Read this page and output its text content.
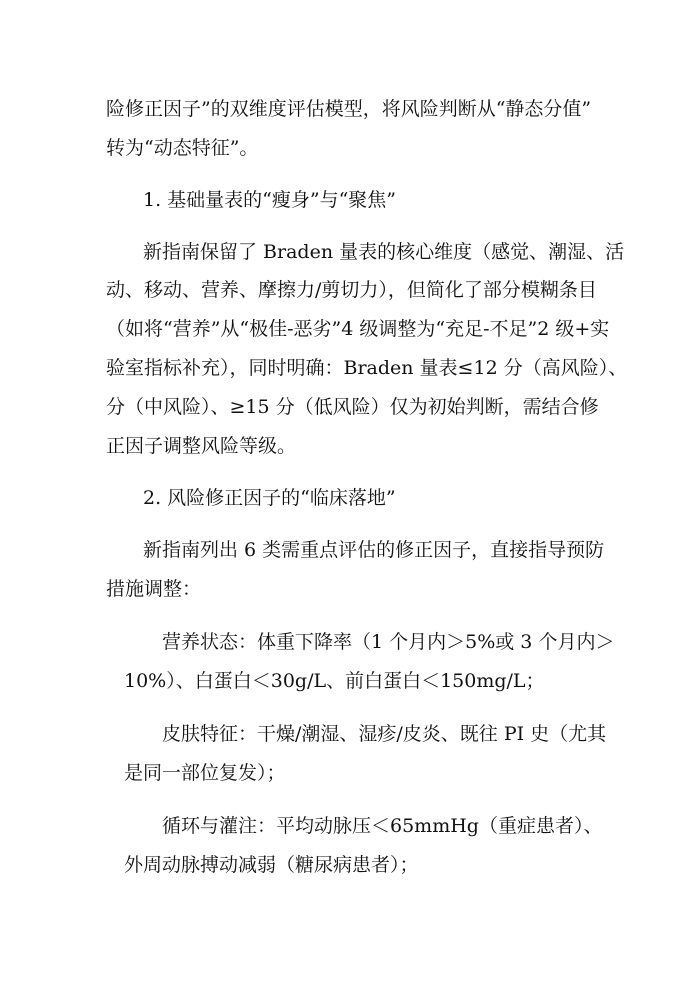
险修正因子”的双维度评估模型，将风险判断从“静态分值”
转为“动态特征”。
1. 基础量表的“瘦身”与“聚焦”
新指南保留了 Braden 量表的核心维度（感觉、潮湿、活
动、移动、营养、摩擦力/剪切力），但简化了部分模糊条目
（如将“营养”从“极佳-恶劣”4 级调整为“充足-不足”2 级+实
验室指标补充），同时明确：Braden 量表≤12 分（高风险）、
分（中风险）、≥15 分（低风险）仅为初始判断，需结合修
正因子调整风险等级。
2. 风险修正因子的“临床落地”
新指南列出 6 类需重点评估的修正因子，直接指导预防
措施调整：
营养状态：体重下降率（1 个月内＞5%或 3 个月内＞
10%）、白蛋白＜30g/L、前白蛋白＜150mg/L；
皮肤特征：干燥/潮湿、湿疹/皮炎、既往 PI 史（尤其
是同一部位复发）；
循环与灌注：平均动脉压＜65mmHg（重症患者）、
外周动脉搏动减弱（糖尿病患者）；
